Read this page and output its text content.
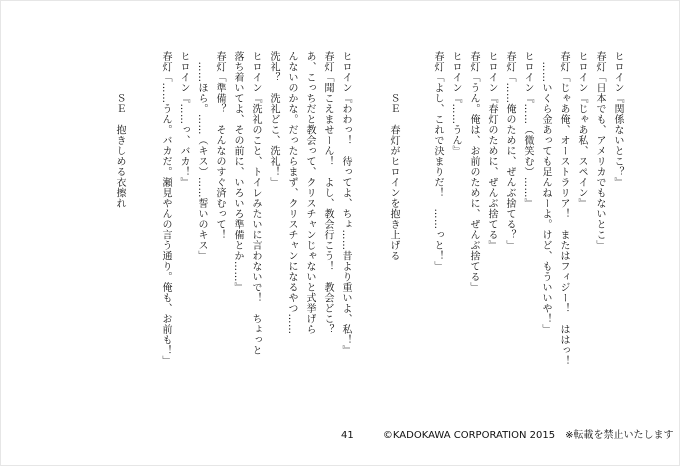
ヒロイン『関係ないとこ？』
春灯「日本でも、アメリカでもないとこ」
ヒロイン『じゃあ私、スペイン』
春灯「じゃあ俺、オーストラリア！　またはフィジー！　ははっ！
　……いくら金あっても足んねーよ。けど、もういいや！」
ヒロイン『……（微笑む）……』
春灯「……俺のために、ぜんぶ捨てる？」
ヒロイン『春灯のために、ぜんぶ捨てる』
春灯「うん。俺は、お前のために、ぜんぶ捨てる」
ヒロイン『……うん』
春灯「よし、これで決まりだ！　……っと！」
ＳＥ　春灯がヒロインを抱き上げる
ヒロイン『わわっ！　待ってよ、ちょ……昔より重いよ、私！』
春灯「聞こえませーん！　よし、教会行こう！　教会どこ？
あ、こっちだと教会って、クリスチャンじゃないと式挙げら
んないのかな。だったらまず、クリスチャンになるやつ……
洗礼？　洗礼どこ、洗礼！」
ヒロイン『洗礼のこと、トイレみたいに言わないで！　ちょっと
落ち着いてよ、その前に、いろいろ準備とか……』
春灯「準備？　そんなのすぐ済むって！
　……ほら。……（キス）……誓いのキス」
ヒロイン『……っ、バカ！』
春灯「……うん。バカだ。瀬見やんの言う通り。俺も、お前も！」
ＳＥ　抱きしめる衣擦れ
41	©KADOKAWA CORPORATION 2015　※転載を禁止いたします
